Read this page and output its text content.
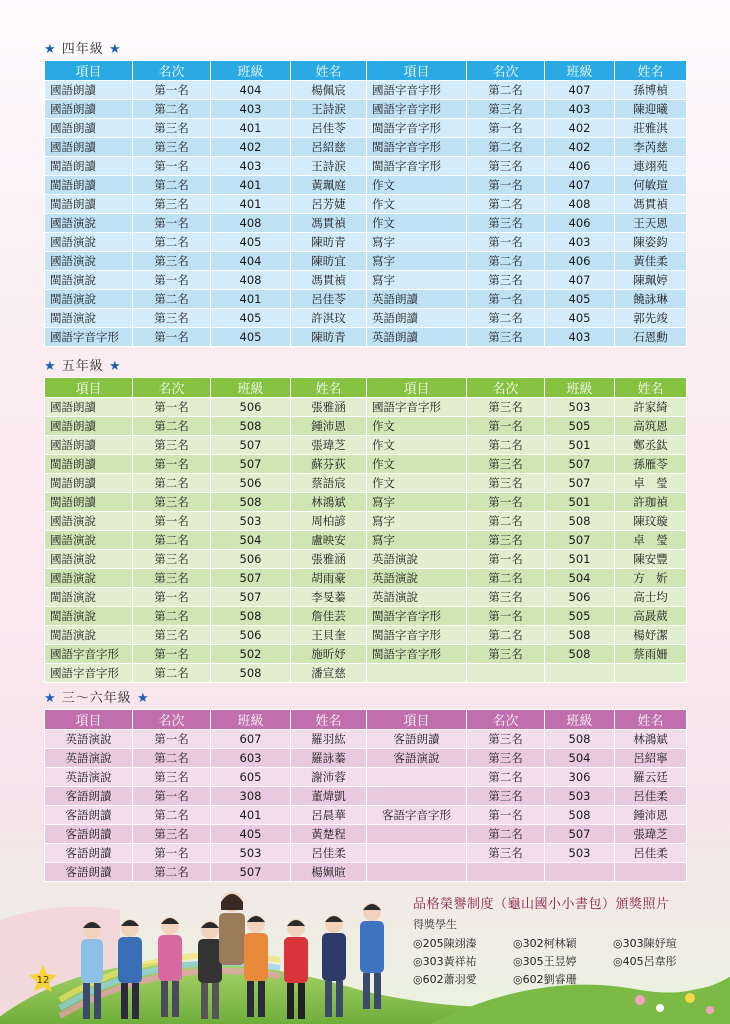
★ 四年級 ★
項目	名次	班級	姓名	項目	名次	班級	姓名
國語朗讀	第一名	404	楊佩宸	國語字音字形	第二名	407	孫博楨
國語朗讀	第二名	403	王詩涙	國語字音字形	第三名	403	陳迎曦
國語朗讀	第三名	401	呂佳苓	閩語字音字形	第一名	402	莊雅淇
國語朗讀	第三名	402	呂紹慈	閩語字音字形	第二名	402	李芮慈
閩語朗讀	第一名	403	王詩涙	閩語字音字形	第三名	406	連翊苑
閩語朗讀	第二名	401	黃珮庭	作文	第一名	407	何敏瑄
閩語朗讀	第三名	401	呂芳婕	作文	第二名	408	馮貫禎
國語演說	第一名	408	馮貫禎	作文	第三名	406	王天恩
國語演說	第二名	405	陳昉青	寫字	第一名	403	陳姿鈞
國語演說	第三名	404	陳昉宜	寫字	第二名	406	黃佳柔
閩語演說	第一名	408	馮貫禎	寫字	第三名	407	陳珮婷
閩語演說	第二名	401	呂佳苓	英語朗讀	第一名	405	饒詠琳
閩語演說	第三名	405	許淇玟	英語朗讀	第二名	405	郭先竣
國語字音字形	第一名	405	陳昉青	英語朗讀	第三名	403	石恩勳
★ 五年級 ★
項目	名次	班級	姓名	項目	名次	班級	姓名
國語朗讀	第一名	506	張雅涵	國語字音字形	第三名	503	許家綺
國語朗讀	第二名	508	鍾沛恩	作文	第一名	505	高筑恩
國語朗讀	第三名	507	張瑋芝	作文	第二名	501	鄭丞鈦
閩語朗讀	第一名	507	蘇芬荻	作文	第三名	507	孫雁苓
閩語朗讀	第二名	506	蔡語宸	作文	第三名	507	卓　瑩
閩語朗讀	第三名	508	林鴻斌	寫字	第一名	501	許珈禎
國語演說	第一名	503	周柏諺	寫字	第二名	508	陳玟璇
國語演說	第二名	504	盧映安	寫字	第三名	507	卓　瑩
國語演說	第三名	506	張雅涵	英語演說	第一名	501	陳安豐
國語演說	第三名	507	胡雨豪	英語演說	第二名	504	方　妡
閩語演說	第一名	507	李旻蓁	英語演說	第三名	506	高士均
閩語演說	第二名	508	詹佳芸	閩語字音字形	第一名	505	高晸葳
閩語演說	第三名	506	王貝奎	閩語字音字形	第二名	508	楊妤潔
國語字音字形	第一名	502	施昕妤	閩語字音字形	第三名	508	蔡雨姍
國語字音字形	第二名	508	潘宣慈				
★ 三～六年級 ★
項目	名次	班級	姓名	項目	名次	班級	姓名
英語演說	第一名	607	羅羽紘	客語朗讀	第三名	508	林鴻斌
英語演說	第二名	603	羅詠蓁	客語演說	第三名	504	呂紹寧
英語演說	第三名	605	謝沛蓉		第二名	306	羅云廷
客語朗讀	第一名	308	董煒凱		第三名	503	呂佳柔
客語朗讀	第二名	401	呂晨華	客語字音字形	第一名	508	鍾沛恩
客語朗讀	第三名	405	黃楚程		第二名	507	張瑋芝
客語朗讀	第一名	503	呂佳柔		第三名	503	呂佳柔
客語朗讀	第二名	507	楊姵暄				
品格榮譽制度（龜山國小小書包）頒獎照片
得獎學生
◎205陳翊溱	◎302柯林穎	◎303陳妤瑄
◎303黃祥祐	◎305王昱婷	◎405呂韋彤
◎602蕭羽愛	◎602劉睿珊
12
